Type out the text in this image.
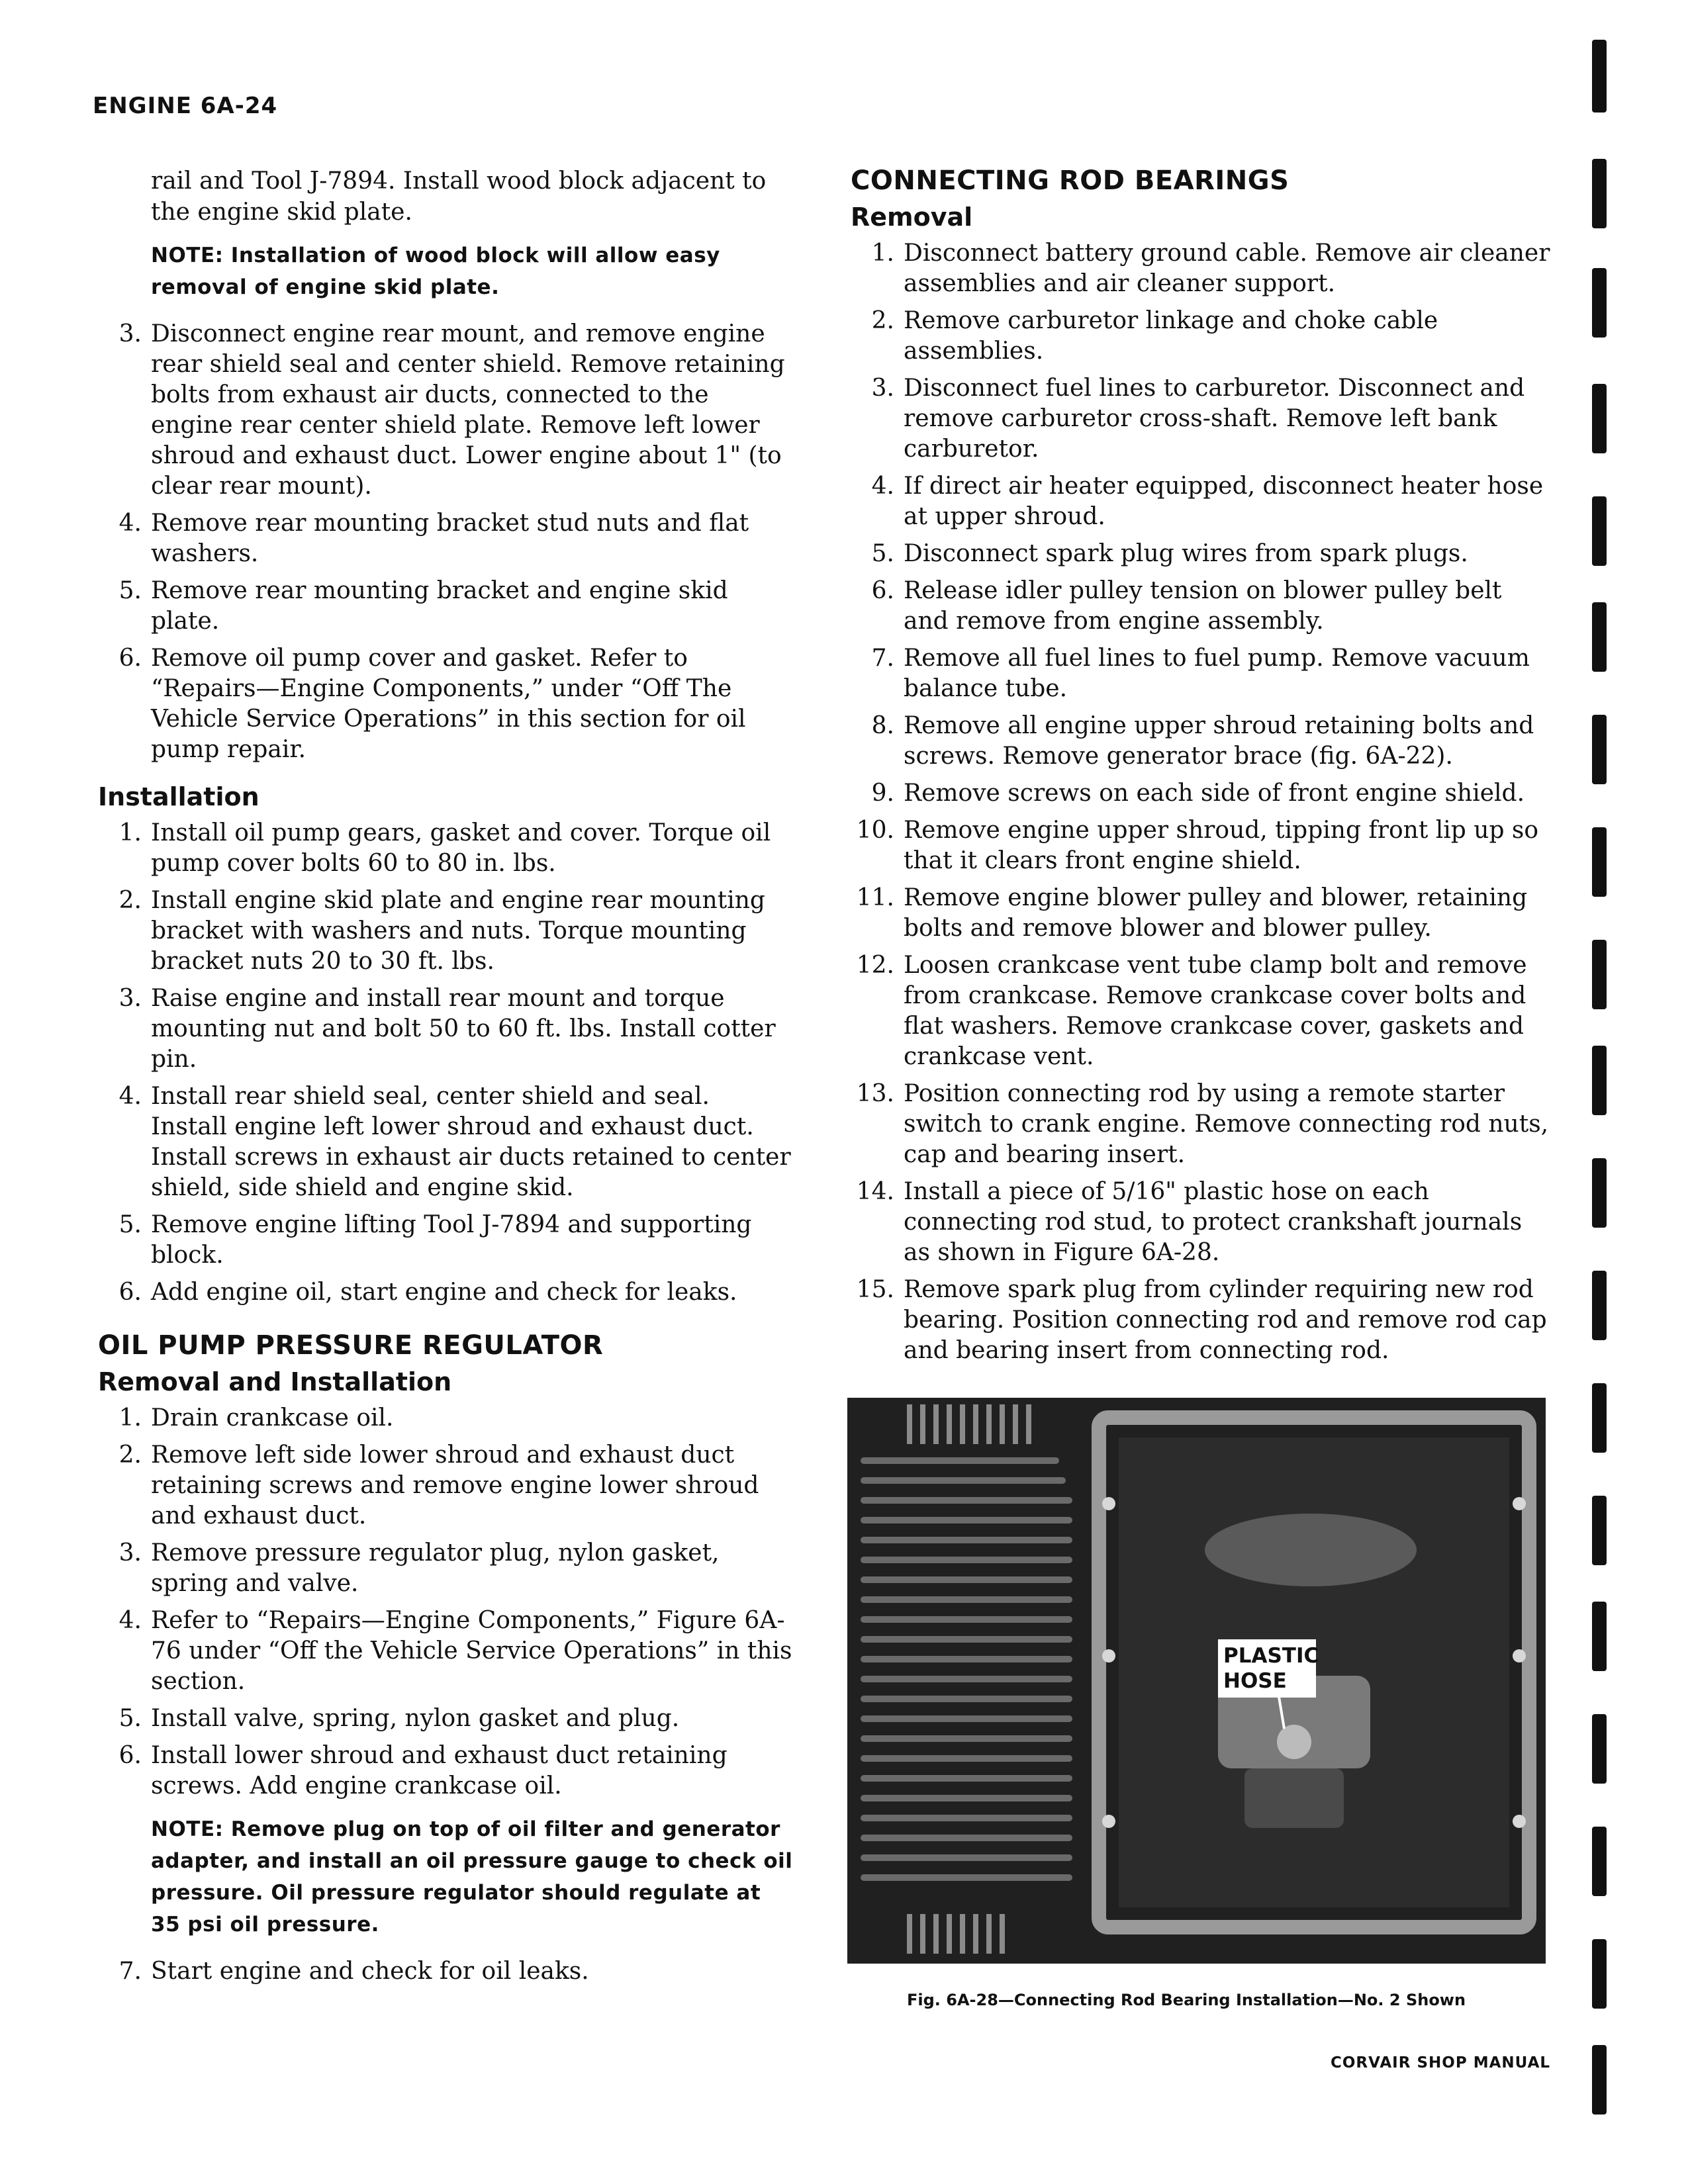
ENGINE 6A-24

rail and Tool J-7894. Install wood block adjacent to the engine skid plate.

NOTE: Installation of wood block will allow easy removal of engine skid plate.

3. Disconnect engine rear mount, and remove engine rear shield seal and center shield. Remove retaining bolts from exhaust air ducts, connected to the engine rear center shield plate. Remove left lower shroud and exhaust duct. Lower engine about 1" (to clear rear mount).
4. Remove rear mounting bracket stud nuts and flat washers.
5. Remove rear mounting bracket and engine skid plate.
6. Remove oil pump cover and gasket. Refer to “Repairs—Engine Components,” under “Off The Vehicle Service Operations” in this section for oil pump repair.
Installation
1. Install oil pump gears, gasket and cover. Torque oil pump cover bolts 60 to 80 in. lbs.
2. Install engine skid plate and engine rear mounting bracket with washers and nuts. Torque mounting bracket nuts 20 to 30 ft. lbs.
3. Raise engine and install rear mount and torque mounting nut and bolt 50 to 60 ft. lbs. Install cotter pin.
4. Install rear shield seal, center shield and seal. Install engine left lower shroud and exhaust duct. Install screws in exhaust air ducts retained to center shield, side shield and engine skid.
5. Remove engine lifting Tool J-7894 and supporting block.
6. Add engine oil, start engine and check for leaks.
OIL PUMP PRESSURE REGULATOR
Removal and Installation
1. Drain crankcase oil.
2. Remove left side lower shroud and exhaust duct retaining screws and remove engine lower shroud and exhaust duct.
3. Remove pressure regulator plug, nylon gasket, spring and valve.
4. Refer to “Repairs—Engine Components,” Figure 6A-76 under “Off the Vehicle Service Operations” in this section.
5. Install valve, spring, nylon gasket and plug.
6. Install lower shroud and exhaust duct retaining screws. Add engine crankcase oil.

NOTE: Remove plug on top of oil filter and generator adapter, and install an oil pressure gauge to check oil pressure. Oil pressure regulator should regulate at 35 psi oil pressure.

7. Start engine and check for oil leaks.
CONNECTING ROD BEARINGS
Removal
1. Disconnect battery ground cable. Remove air cleaner assemblies and air cleaner support.
2. Remove carburetor linkage and choke cable assemblies.
3. Disconnect fuel lines to carburetor. Disconnect and remove carburetor cross-shaft. Remove left bank carburetor.
4. If direct air heater equipped, disconnect heater hose at upper shroud.
5. Disconnect spark plug wires from spark plugs.
6. Release idler pulley tension on blower pulley belt and remove from engine assembly.
7. Remove all fuel lines to fuel pump. Remove vacuum balance tube.
8. Remove all engine upper shroud retaining bolts and screws. Remove generator brace (fig. 6A-22).
9. Remove screws on each side of front engine shield.
10. Remove engine upper shroud, tipping front lip up so that it clears front engine shield.
11. Remove engine blower pulley and blower, retaining bolts and remove blower and blower pulley.
12. Loosen crankcase vent tube clamp bolt and remove from crankcase. Remove crankcase cover bolts and flat washers. Remove crankcase cover, gaskets and crankcase vent.
13. Position connecting rod by using a remote starter switch to crank engine. Remove connecting rod nuts, cap and bearing insert.
14. Install a piece of 5/16" plastic hose on each connecting rod stud, to protect crankshaft journals as shown in Figure 6A-28.
15. Remove spark plug from cylinder requiring new rod bearing. Position connecting rod and remove rod cap and bearing insert from connecting rod.
PLASTIC
HOSE
Fig. 6A-28—Connecting Rod Bearing Installation—No. 2 Shown
CORVAIR SHOP MANUAL
